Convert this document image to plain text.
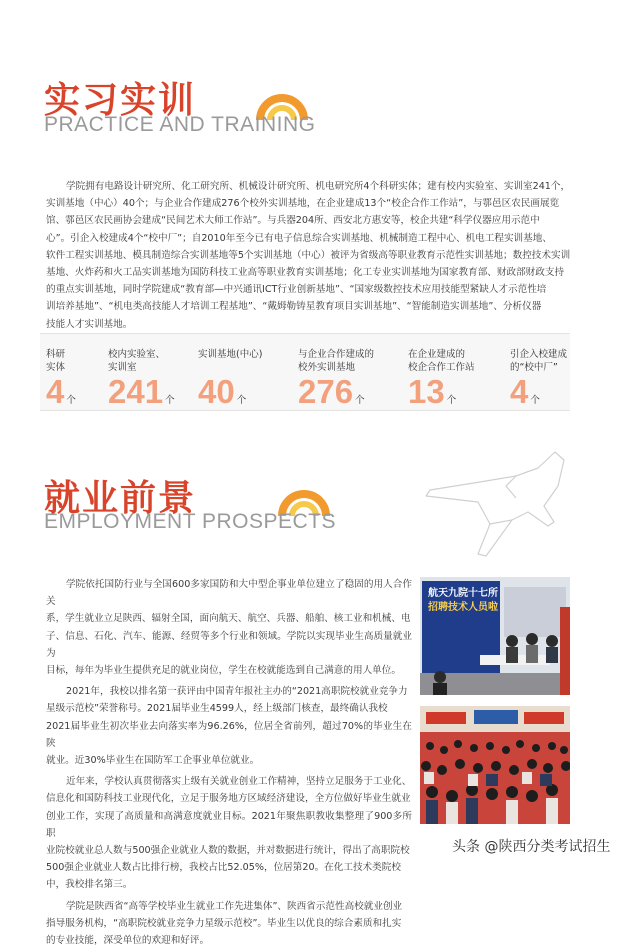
实习实训
PRACTICE AND TRAINING
学院拥有电路设计研究所、化工研究所、机械设计研究所、机电研究所4个科研实体；建有校内实验室、实训室241个，
实训基地（中心）40个；与企业合作建成276个校外实训基地，在企业建成13个“校企合作工作站”，与鄠邑区农民画展览
馆、鄠邑区农民画协会建成“民间艺术大师工作站”。与兵器204所、西安北方惠安等，校企共建“科学仪器应用示范中
心”。引企入校建成4个“校中厂”；自2010年至今已有电子信息综合实训基地、机械制造工程中心、机电工程实训基地、
软件工程实训基地、模具制造综合实训基地等5个实训基地（中心）被评为省级高等职业教育示范性实训基地；数控技术实训
基地、火炸药和火工品实训基地为国防科技工业高等职业教育实训基地；化工专业实训基地为国家教育部、财政部财政支持
的重点实训基地，同时学院建成“教育部—中兴通讯ICT行业创新基地”、“国家级数控技术应用技能型紧缺人才示范性培
训培养基地”、“机电类高技能人才培训工程基地”、“戴姆勒铸星教育项目实训基地”、“智能制造实训基地”、分析仪器
技能人才实训基地。
科研
实体
4 个
校内实验室、
实训室
241 个
实训基地(中心)

40 个
与企业合作建成的
校外实训基地
276 个
在企业建成的
校企合作工作站
13 个
引企入校建成
的“校中厂”
4 个
就业前景
EMPLOYMENT PROSPECTS
学院依托国防行业与全国600多家国防和大中型企事业单位建立了稳固的用人合作关
系，学生就业立足陕西、辐射全国，面向航天、航空、兵器、船舶、核工业和机械、电
子、信息、石化、汽车、能源、经贸等多个行业和领域。学院以实现毕业生高质量就业为
目标，每年为毕业生提供充足的就业岗位，学生在校就能选到自己满意的用人单位。
2021年，我校以排名第一获评由中国青年报社主办的“2021高职院校就业竞争力
星级示范校”荣誉称号。2021届毕业生4599人，经上级部门核查，最终确认我校
2021届毕业生初次毕业去向落实率为96.26%，位居全省前列，超过70%的毕业生在陕
就业。近30%毕业生在国防军工企事业单位就业。
近年来，学校认真贯彻落实上级有关就业创业工作精神，坚持立足服务于工业化、
信息化和国防科技工业现代化，立足于服务地方区域经济建设，全方位做好毕业生就业
创业工作，实现了高质量和高满意度就业目标。2021年聚焦职教收集整理了900多所职
业院校就业总人数与500强企业就业人数的数据，并对数据进行统计，得出了高职院校
500强企业就业人数占比排行榜，我校占比52.05%，位居第20。在化工技术类院校
中，我校排名第三。
学院是陕西省“高等学校毕业生就业工作先进集体”、陕西省示范性高校就业创业
指导服务机构，“高职院校就业竞争力星级示范校”。毕业生以优良的综合素质和扎实
的专业技能，深受单位的欢迎和好评。
航天九院十七所
招聘技术人员啦
头条 @陕西分类考试招生
